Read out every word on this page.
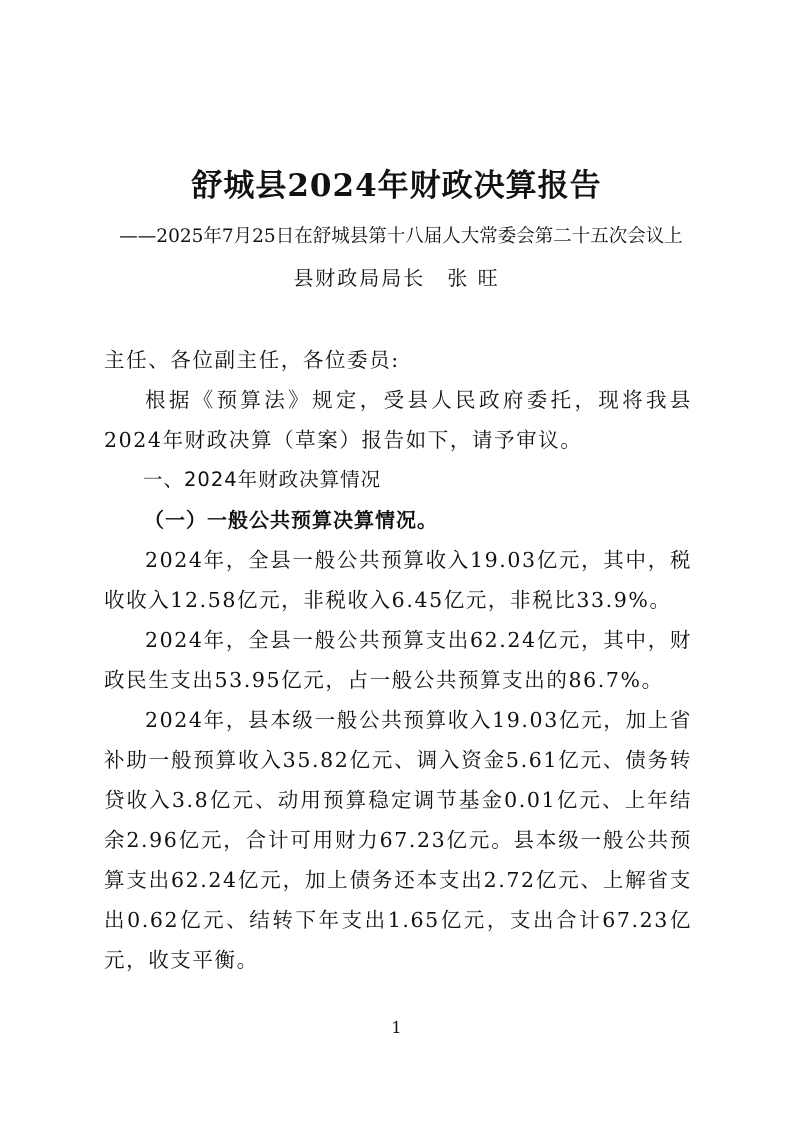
舒城县2024年财政决算报告
——2025年7月25日在舒城县第十八届人大常委会第二十五次会议上
县财政局局长　张 旺

主任、各位副主任，各位委员:

根据《预算法》规定，受县人民政府委托，现将我县2024年财政决算（草案）报告如下，请予审议。

一、2024年财政决算情况

（一）一般公共预算决算情况。

2024年，全县一般公共预算收入19.03亿元，其中，税收收入12.58亿元，非税收入6.45亿元，非税比33.9%。

2024年，全县一般公共预算支出62.24亿元，其中，财政民生支出53.95亿元，占一般公共预算支出的86.7%。

2024年，县本级一般公共预算收入19.03亿元，加上省补助一般预算收入35.82亿元、调入资金5.61亿元、债务转贷收入3.8亿元、动用预算稳定调节基金0.01亿元、上年结余2.96亿元，合计可用财力67.23亿元。县本级一般公共预算支出62.24亿元，加上债务还本支出2.72亿元、上解省支出0.62亿元、结转下年支出1.65亿元，支出合计67.23亿元，收支平衡。

1
